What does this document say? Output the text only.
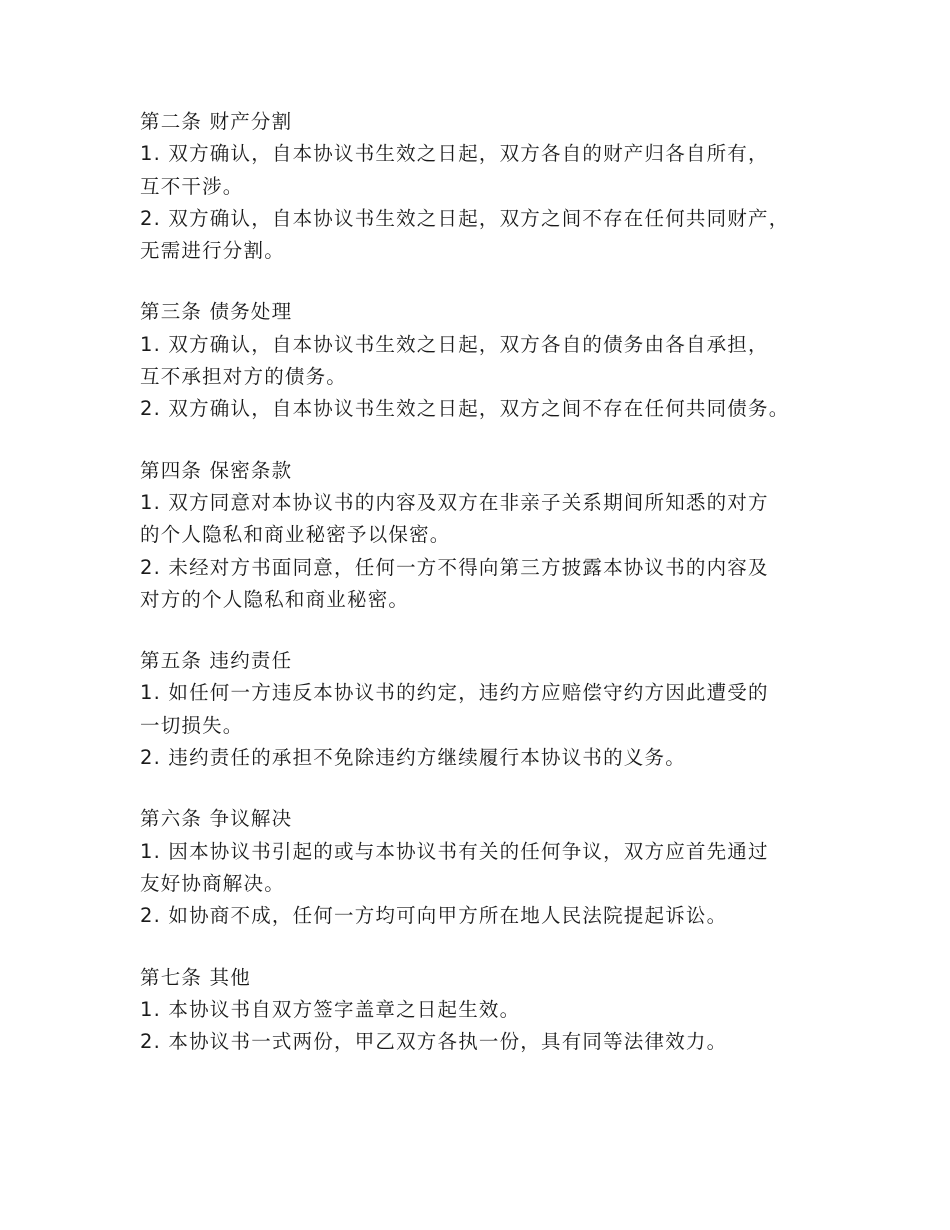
第二条 财产分割
1. 双方确认，自本协议书生效之日起，双方各自的财产归各自所有，
互不干涉。
2. 双方确认，自本协议书生效之日起，双方之间不存在任何共同财产，
无需进行分割。
第三条 债务处理
1. 双方确认，自本协议书生效之日起，双方各自的债务由各自承担，
互不承担对方的债务。
2. 双方确认，自本协议书生效之日起，双方之间不存在任何共同债务。
第四条 保密条款
1. 双方同意对本协议书的内容及双方在非亲子关系期间所知悉的对方
的个人隐私和商业秘密予以保密。
2. 未经对方书面同意，任何一方不得向第三方披露本协议书的内容及
对方的个人隐私和商业秘密。
第五条 违约责任
1. 如任何一方违反本协议书的约定，违约方应赔偿守约方因此遭受的
一切损失。
2. 违约责任的承担不免除违约方继续履行本协议书的义务。
第六条 争议解决
1. 因本协议书引起的或与本协议书有关的任何争议，双方应首先通过
友好协商解决。
2. 如协商不成，任何一方均可向甲方所在地人民法院提起诉讼。
第七条 其他
1. 本协议书自双方签字盖章之日起生效。
2. 本协议书一式两份，甲乙双方各执一份，具有同等法律效力。
